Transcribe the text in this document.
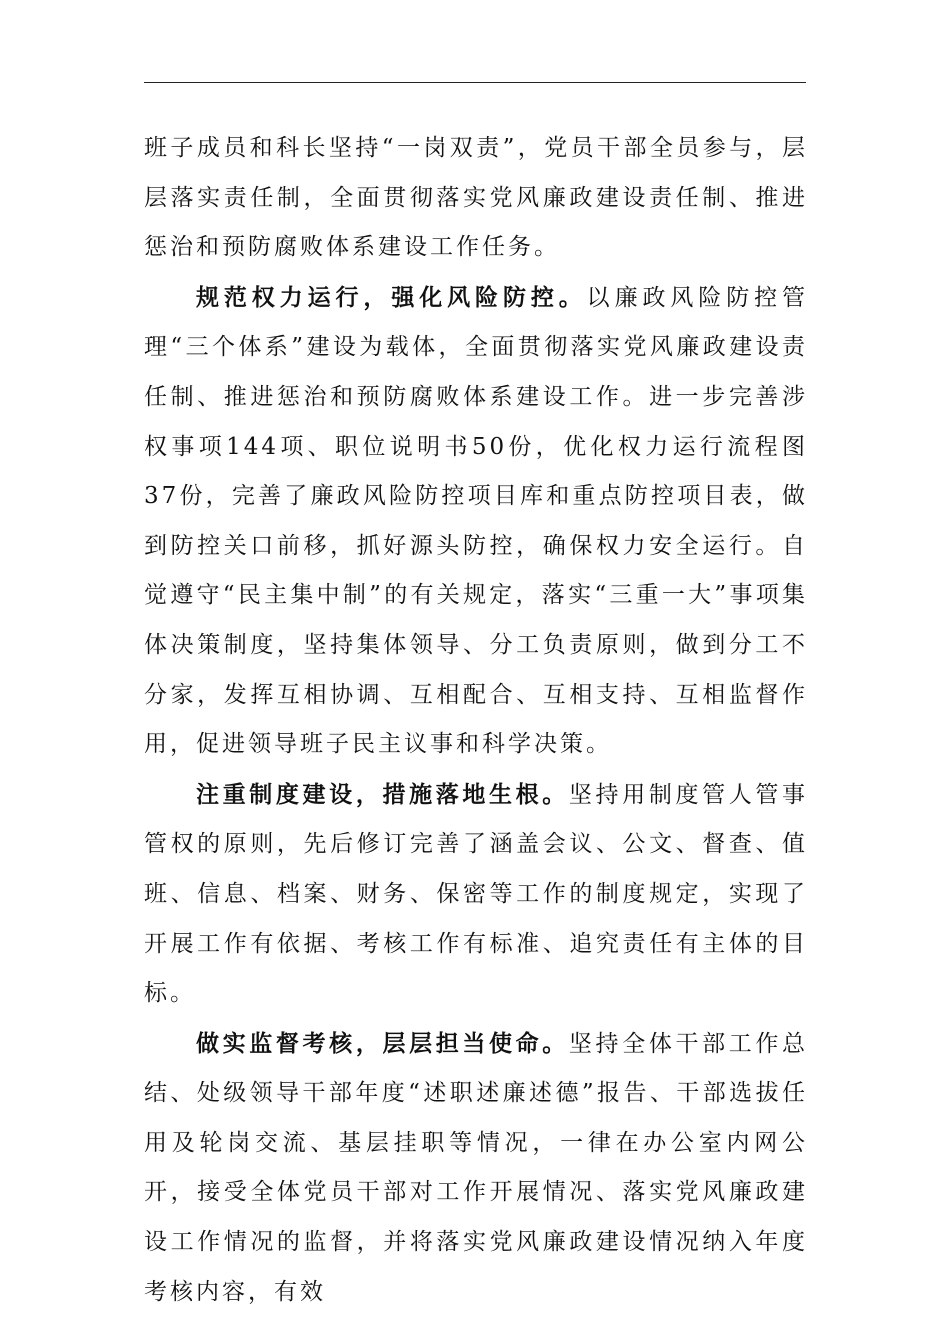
班子成员和科长坚持“一岗双责”，党员干部全员参与，层层落实责任制，全面贯彻落实党风廉政建设责任制、推进惩治和预防腐败体系建设工作任务。

规范权力运行，强化风险防控。以廉政风险防控管理“三个体系”建设为载体，全面贯彻落实党风廉政建设责任制、推进惩治和预防腐败体系建设工作。进一步完善涉权事项144项、职位说明书50份，优化权力运行流程图37份，完善了廉政风险防控项目库和重点防控项目表，做到防控关口前移，抓好源头防控，确保权力安全运行。自觉遵守“民主集中制”的有关规定，落实“三重一大”事项集体决策制度，坚持集体领导、分工负责原则，做到分工不分家，发挥互相协调、互相配合、互相支持、互相监督作用，促进领导班子民主议事和科学决策。

注重制度建设，措施落地生根。坚持用制度管人管事管权的原则，先后修订完善了涵盖会议、公文、督查、值班、信息、档案、财务、保密等工作的制度规定，实现了开展工作有依据、考核工作有标准、追究责任有主体的目标。

做实监督考核，层层担当使命。坚持全体干部工作总结、处级领导干部年度“述职述廉述德”报告、干部选拔任用及轮岗交流、基层挂职等情况，一律在办公室内网公开，接受全体党员干部对工作开展情况、落实党风廉政建设工作情况的监督，并将落实党风廉政建设情况纳入年度考核内容，有效
